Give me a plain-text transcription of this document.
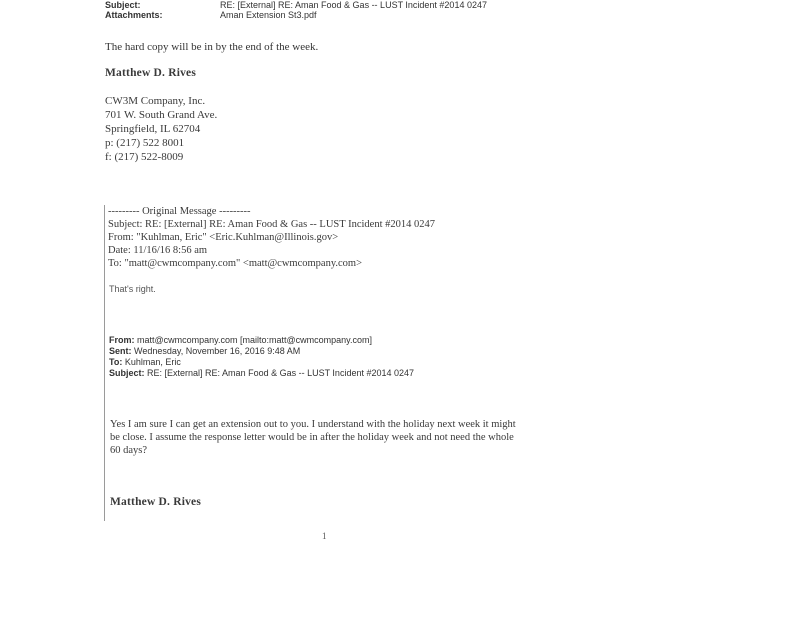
Subject:	RE: [External] RE: Aman Food & Gas -- LUST Incident #2014 0247
Attachments:	Aman Extension St3.pdf
The hard copy will be in by the end of the week.
Matthew D. Rives
CW3M Company, Inc.
701 W. South Grand Ave.
Springfield, IL 62704
p: (217) 522 8001
f: (217) 522-8009
--------- Original Message ---------
Subject: RE: [External] RE: Aman Food & Gas -- LUST Incident #2014 0247
From: "Kuhlman, Eric" <Eric.Kuhlman@Illinois.gov>
Date: 11/16/16 8:56 am
To: "matt@cwmcompany.com" <matt@cwmcompany.com>
That's right.
From: matt@cwmcompany.com [mailto:matt@cwmcompany.com]
Sent: Wednesday, November 16, 2016 9:48 AM
To: Kuhlman, Eric
Subject: RE: [External] RE: Aman Food & Gas -- LUST Incident #2014 0247
Yes I am sure I can get an extension out to you. I understand with the holiday next week it might be close. I assume the response letter would be in after the holiday week and not need the whole 60 days?
Matthew D. Rives
1
